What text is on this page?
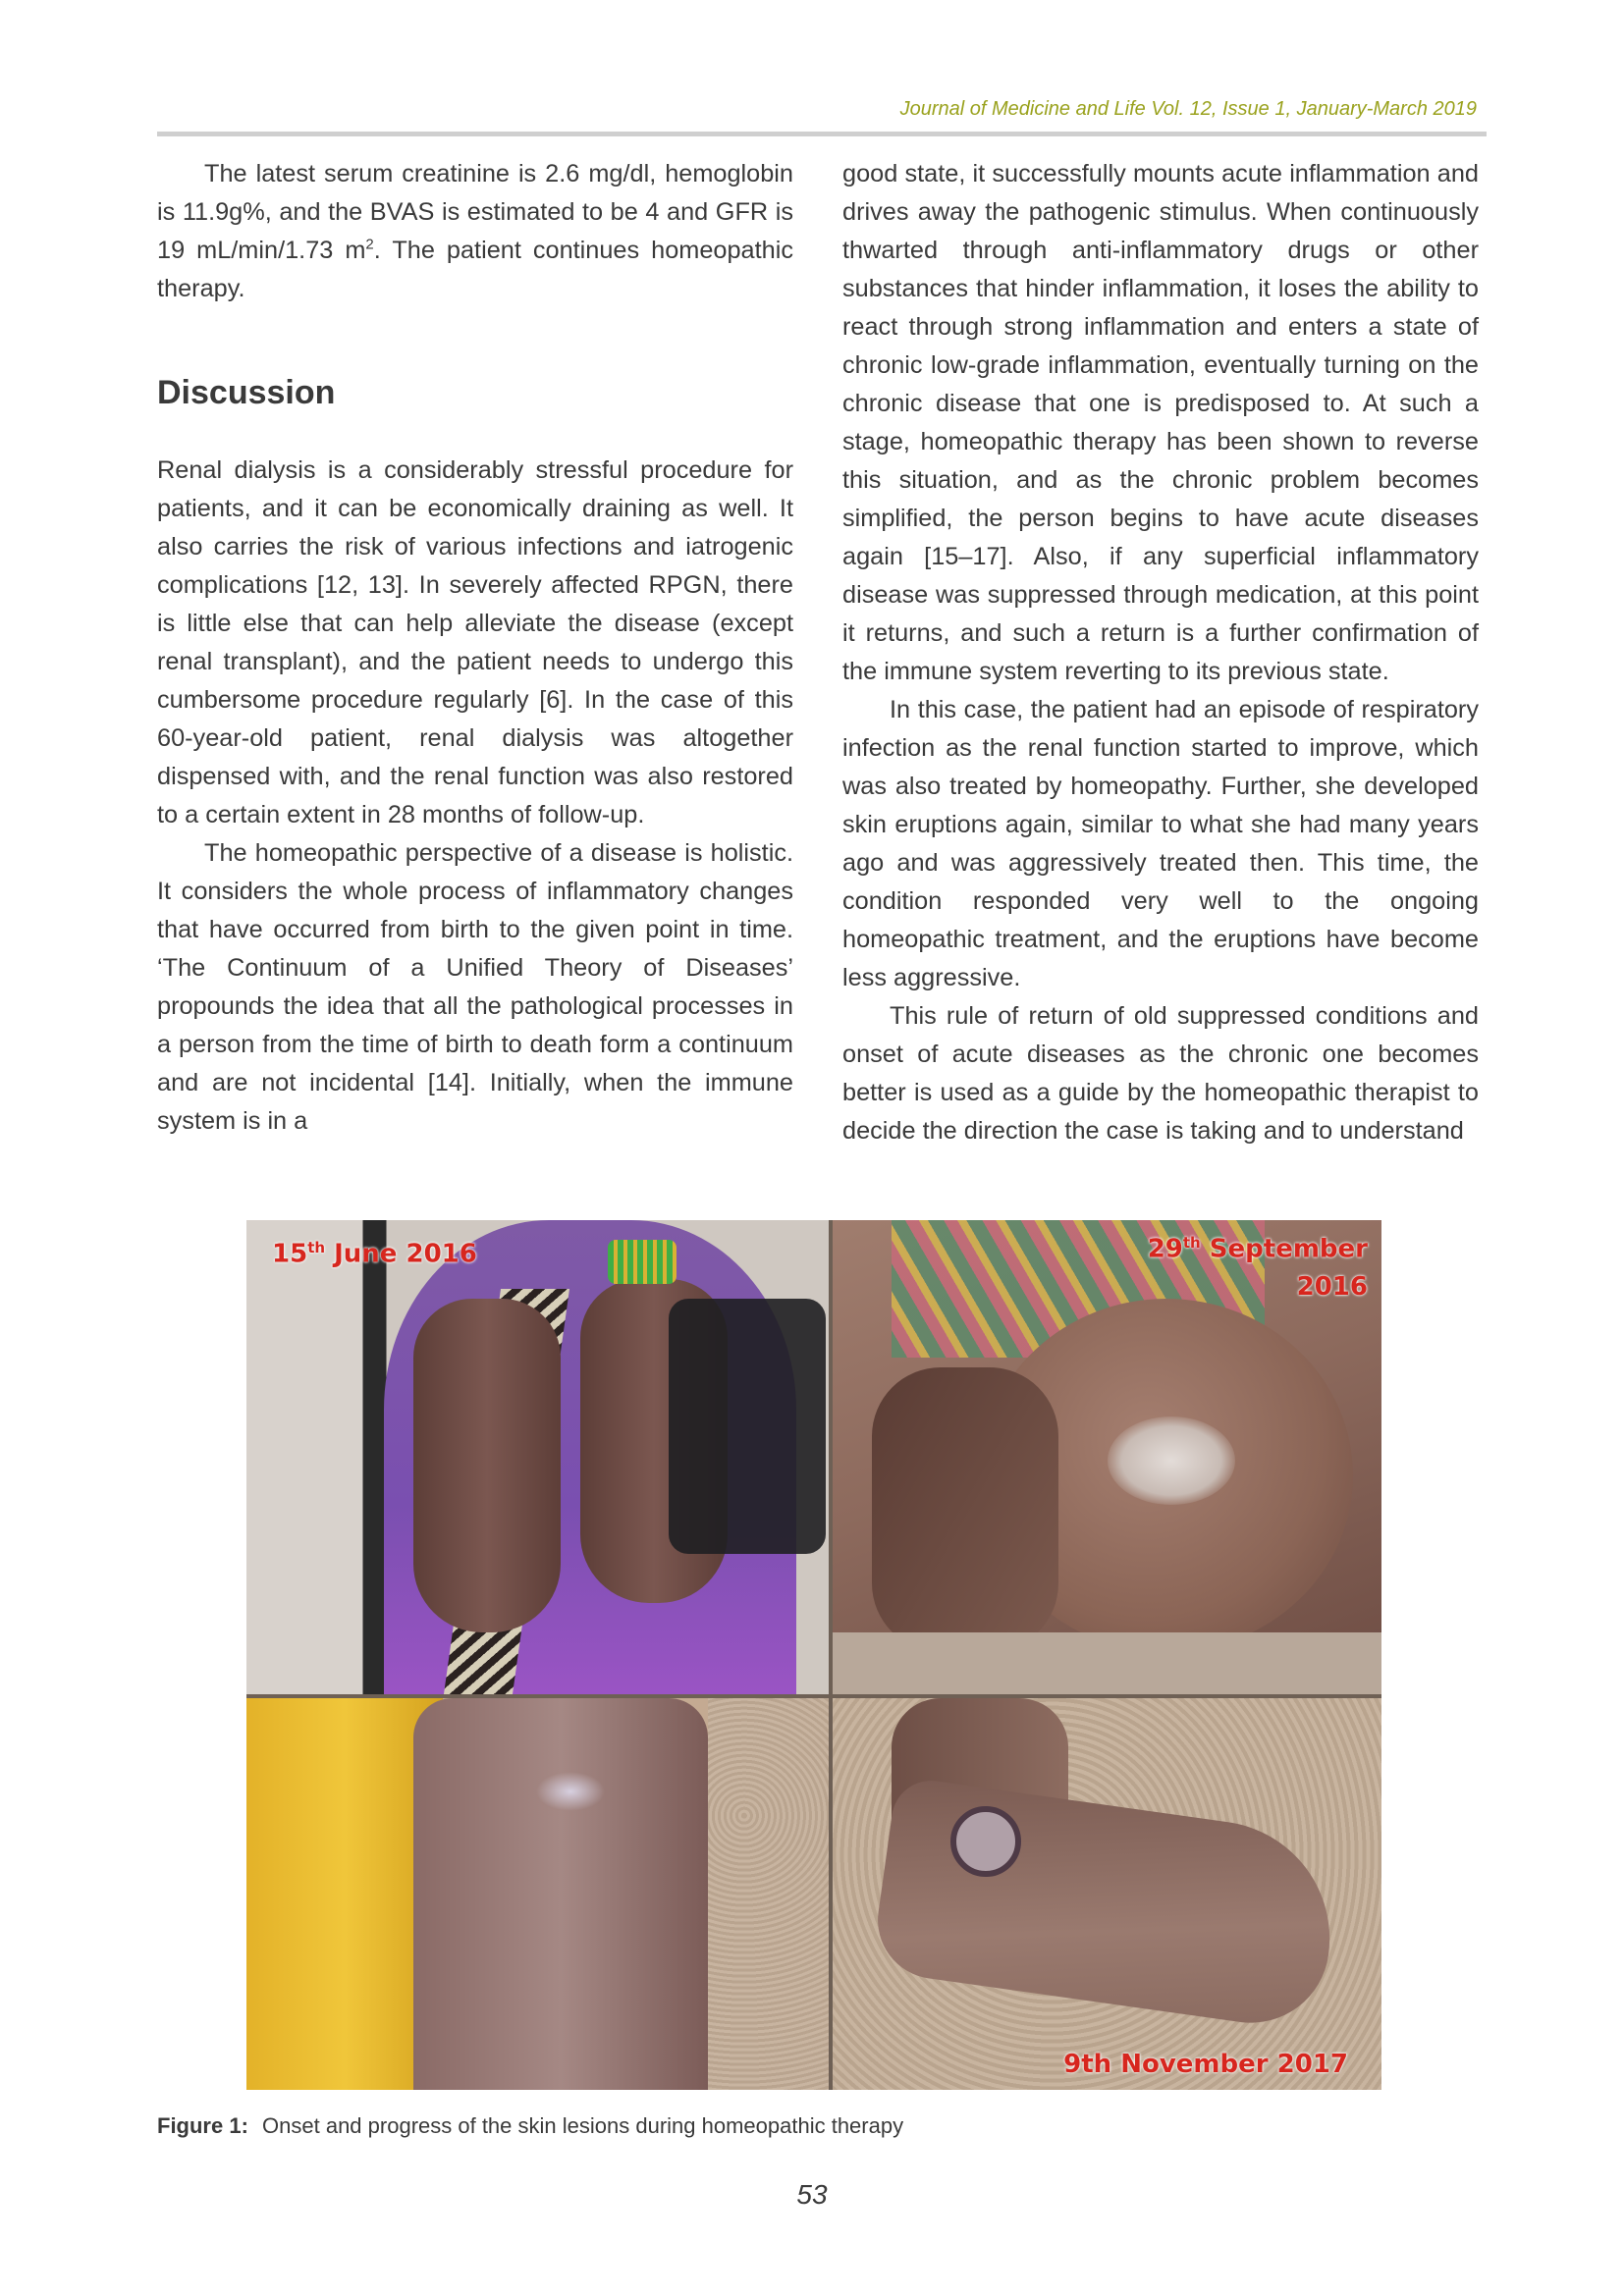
Journal of Medicine and Life Vol. 12, Issue 1, January-March 2019

The latest serum creatinine is 2.6 mg/dl, hemoglobin is 11.9g%, and the BVAS is estimated to be 4 and GFR is 19 mL/min/1.73 $m^2$. The patient continues homeopathic therapy.

Discussion

Renal dialysis is a considerably stressful procedure for patients, and it can be economically draining as well. It also carries the risk of various infections and iatrogenic complications [12, 13]. In severely affected RPGN, there is little else that can help alleviate the disease (except renal transplant), and the patient needs to undergo this cumbersome procedure regularly [6]. In the case of this 60-year-old patient, renal dialysis was altogether dispensed with, and the renal function was also restored to a certain extent in 28 months of follow-up.

The homeopathic perspective of a disease is holistic. It considers the whole process of inflammatory changes that have occurred from birth to the given point in time. ‘The Continuum of a Unified Theory of Diseases’ propounds the idea that all the pathological processes in a person from the time of birth to death form a continuum and are not incidental [14]. Initially, when the immune system is in a

good state, it successfully mounts acute inflammation and drives away the pathogenic stimulus. When continuously thwarted through anti-inflammatory drugs or other substances that hinder inflammation, it loses the ability to react through strong inflammation and enters a state of chronic low-grade inflammation, eventually turning on the chronic disease that one is predisposed to. At such a stage, homeopathic therapy has been shown to reverse this situation, and as the chronic problem becomes simplified, the person begins to have acute diseases again [15–17]. Also, if any superficial inflammatory disease was suppressed through medication, at this point it returns, and such a return is a further confirmation of the immune system reverting to its previous state.

In this case, the patient had an episode of respiratory infection as the renal function started to improve, which was also treated by homeopathy. Further, she developed skin eruptions again, similar to what she had many years ago and was aggressively treated then. This time, the condition responded very well to the ongoing homeopathic treatment, and the eruptions have become less aggressive.

This rule of return of old suppressed conditions and onset of acute diseases as the chronic one becomes better is used as a guide by the homeopathic therapist to decide the direction the case is taking and to understand

15th June 2016	29th September
2016
9th November 2017
Figure 1: Onset and progress of the skin lesions during homeopathic therapy
53
